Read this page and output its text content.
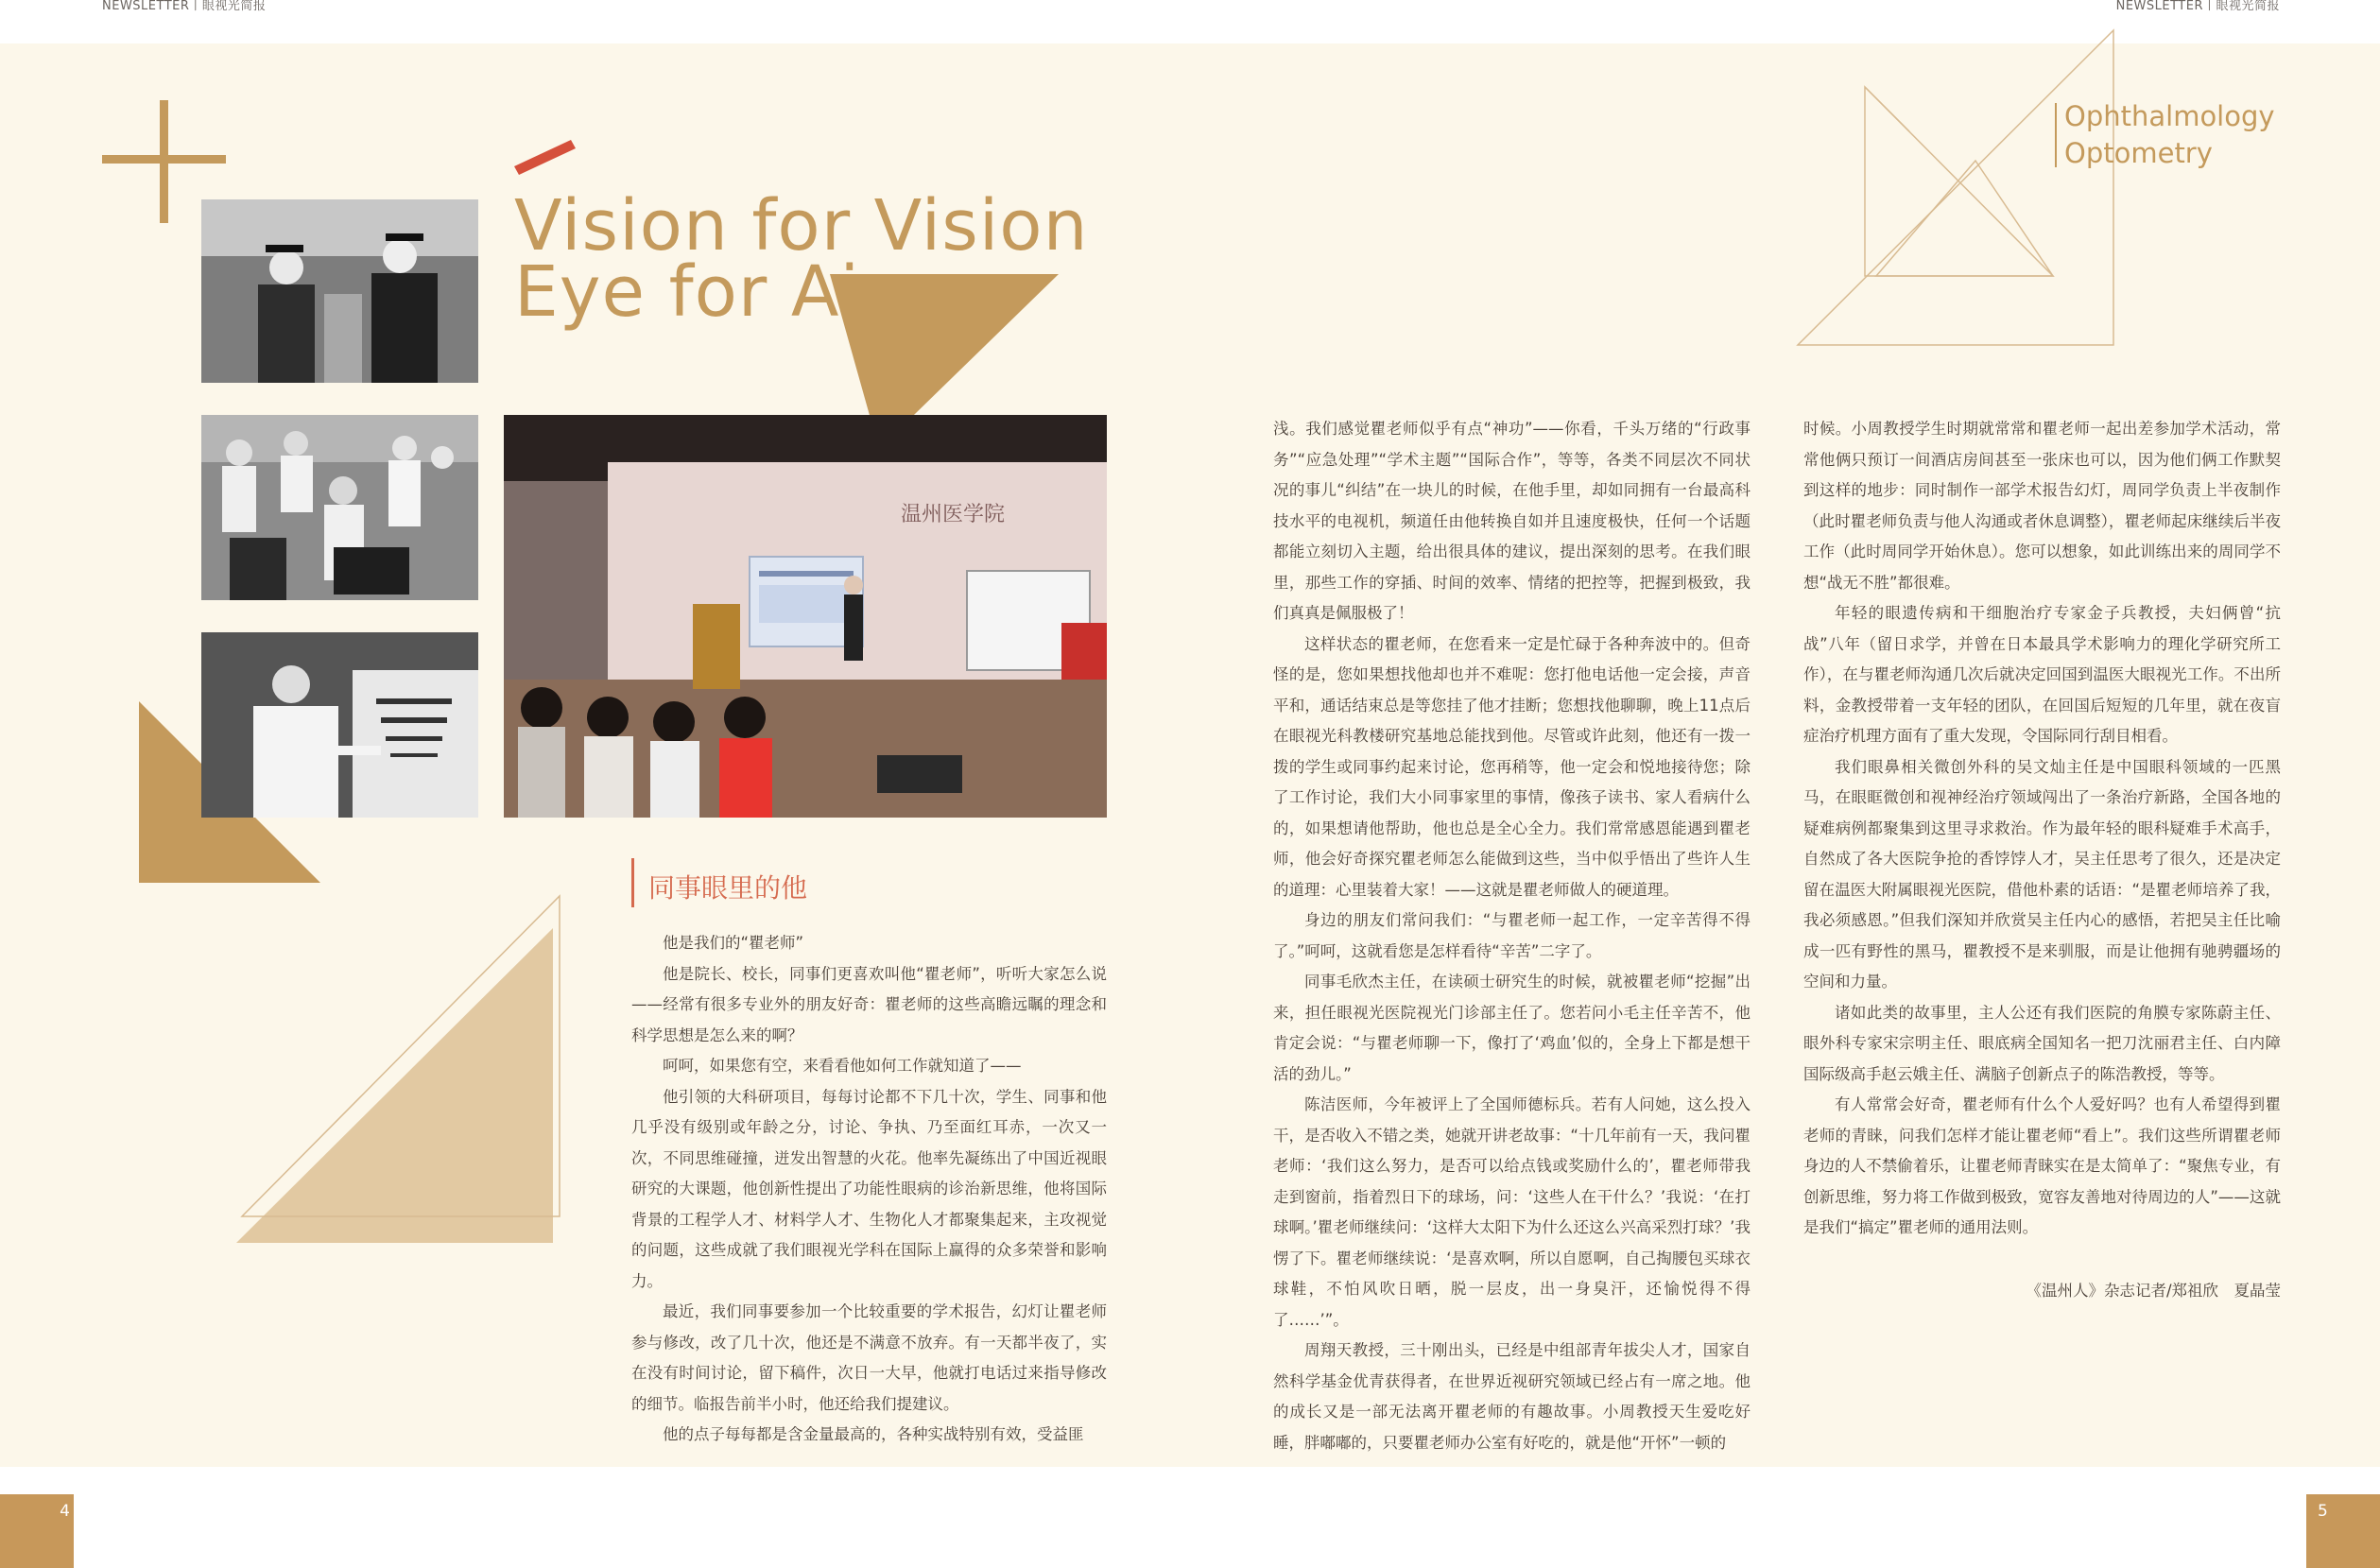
NEWSLETTER丨眼视光简报	NEWSLETTER丨眼视光简报
温州医学院
Vision for Vision
Eye for Ai
Ophthalmology
Optometry
同事眼里的他

他是我们的“瞿老师”

他是院长、校长，同事们更喜欢叫他“瞿老师”，听听大家怎么说——经常有很多专业外的朋友好奇：瞿老师的这些高瞻远瞩的理念和科学思想是怎么来的啊？

呵呵，如果您有空，来看看他如何工作就知道了——

他引领的大科研项目，每每讨论都不下几十次，学生、同事和他几乎没有级别或年龄之分，讨论、争执、乃至面红耳赤，一次又一次，不同思维碰撞，迸发出智慧的火花。他率先凝练出了中国近视眼研究的大课题，他创新性提出了功能性眼病的诊治新思维，他将国际背景的工程学人才、材料学人才、生物化人才都聚集起来，主攻视觉的问题，这些成就了我们眼视光学科在国际上赢得的众多荣誉和影响力。

最近，我们同事要参加一个比较重要的学术报告，幻灯让瞿老师参与修改，改了几十次，他还是不满意不放弃。有一天都半夜了，实在没有时间讨论，留下稿件，次日一大早，他就打电话过来指导修改的细节。临报告前半小时，他还给我们提建议。

他的点子每每都是含金量最高的，各种实战特别有效，受益匪

浅。我们感觉瞿老师似乎有点“神功”——你看，千头万绪的“行政事务”“应急处理”“学术主题”“国际合作”，等等，各类不同层次不同状况的事儿“纠结”在一块儿的时候，在他手里，却如同拥有一台最高科技水平的电视机，频道任由他转换自如并且速度极快，任何一个话题都能立刻切入主题，给出很具体的建议，提出深刻的思考。在我们眼里，那些工作的穿插、时间的效率、情绪的把控等，把握到极致，我们真真是佩服极了！

这样状态的瞿老师，在您看来一定是忙碌于各种奔波中的。但奇怪的是，您如果想找他却也并不难呢：您打他电话他一定会接，声音平和，通话结束总是等您挂了他才挂断；您想找他聊聊，晚上11点后在眼视光科教楼研究基地总能找到他。尽管或许此刻，他还有一拨一拨的学生或同事约起来讨论，您再稍等，他一定会和悦地接待您；除了工作讨论，我们大小同事家里的事情，像孩子读书、家人看病什么的，如果想请他帮助，他也总是全心全力。我们常常感恩能遇到瞿老师，他会好奇探究瞿老师怎么能做到这些，当中似乎悟出了些许人生的道理：心里装着大家！——这就是瞿老师做人的硬道理。

身边的朋友们常问我们：“与瞿老师一起工作，一定辛苦得不得了。”呵呵，这就看您是怎样看待“辛苦”二字了。

同事毛欣杰主任，在读硕士研究生的时候，就被瞿老师“挖掘”出来，担任眼视光医院视光门诊部主任了。您若问小毛主任辛苦不，他肯定会说：“与瞿老师聊一下，像打了‘鸡血’似的，全身上下都是想干活的劲儿。”

陈洁医师，今年被评上了全国师德标兵。若有人问她，这么投入干，是否收入不错之类，她就开讲老故事：“十几年前有一天，我问瞿老师：‘我们这么努力，是否可以给点钱或奖励什么的’，瞿老师带我走到窗前，指着烈日下的球场，问：‘这些人在干什么？’我说：‘在打球啊。’瞿老师继续问：‘这样大太阳下为什么还这么兴高采烈打球？’我愣了下。瞿老师继续说：‘是喜欢啊，所以自愿啊，自己掏腰包买球衣球鞋，不怕风吹日晒，脱一层皮，出一身臭汗，还愉悦得不得了……’”。

周翔天教授，三十刚出头，已经是中组部青年拔尖人才，国家自然科学基金优青获得者，在世界近视研究领域已经占有一席之地。他的成长又是一部无法离开瞿老师的有趣故事。小周教授天生爱吃好睡，胖嘟嘟的，只要瞿老师办公室有好吃的，就是他“开怀”一顿的

时候。小周教授学生时期就常常和瞿老师一起出差参加学术活动，常常他俩只预订一间酒店房间甚至一张床也可以，因为他们俩工作默契到这样的地步：同时制作一部学术报告幻灯，周同学负责上半夜制作（此时瞿老师负责与他人沟通或者休息调整），瞿老师起床继续后半夜工作（此时周同学开始休息）。您可以想象，如此训练出来的周同学不想“战无不胜”都很难。

年轻的眼遗传病和干细胞治疗专家金子兵教授，夫妇俩曾“抗战”八年（留日求学，并曾在日本最具学术影响力的理化学研究所工作），在与瞿老师沟通几次后就决定回国到温医大眼视光工作。不出所料，金教授带着一支年轻的团队，在回国后短短的几年里，就在夜盲症治疗机理方面有了重大发现，令国际同行刮目相看。

我们眼鼻相关微创外科的吴文灿主任是中国眼科领域的一匹黑马，在眼眶微创和视神经治疗领域闯出了一条治疗新路，全国各地的疑难病例都聚集到这里寻求救治。作为最年轻的眼科疑难手术高手，自然成了各大医院争抢的香饽饽人才，吴主任思考了很久，还是决定留在温医大附属眼视光医院，借他朴素的话语：“是瞿老师培养了我，我必须感恩。”但我们深知并欣赏吴主任内心的感悟，若把吴主任比喻成一匹有野性的黑马，瞿教授不是来驯服，而是让他拥有驰骋疆场的空间和力量。

诸如此类的故事里，主人公还有我们医院的角膜专家陈蔚主任、眼外科专家宋宗明主任、眼底病全国知名一把刀沈丽君主任、白内障国际级高手赵云娥主任、满脑子创新点子的陈浩教授，等等。

有人常常会好奇，瞿老师有什么个人爱好吗？也有人希望得到瞿老师的青睐，问我们怎样才能让瞿老师“看上”。我们这些所谓瞿老师身边的人不禁偷着乐，让瞿老师青睐实在是太简单了：“聚焦专业，有创新思维，努力将工作做到极致，宽容友善地对待周边的人”——这就是我们“搞定”瞿老师的通用法则。

《温州人》杂志记者/郑祖欣　夏晶莹

4	5
